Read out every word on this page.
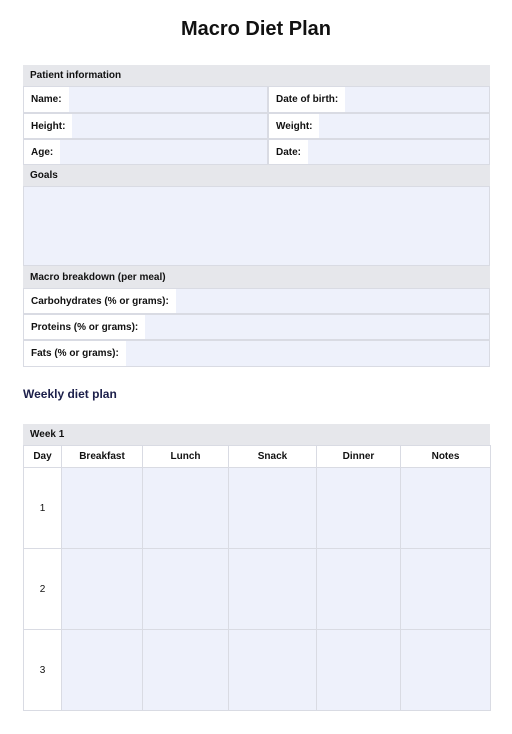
Macro Diet Plan
Patient information
Name:	Date of birth:
Height:	Weight:
Age:	Date:
Goals
Macro breakdown (per meal)
Carbohydrates (% or grams):
Proteins (% or grams):
Fats (% or grams):
Weekly diet plan
Week 1
Day	Breakfast	Lunch	Snack	Dinner	Notes
1					
2					
3					
